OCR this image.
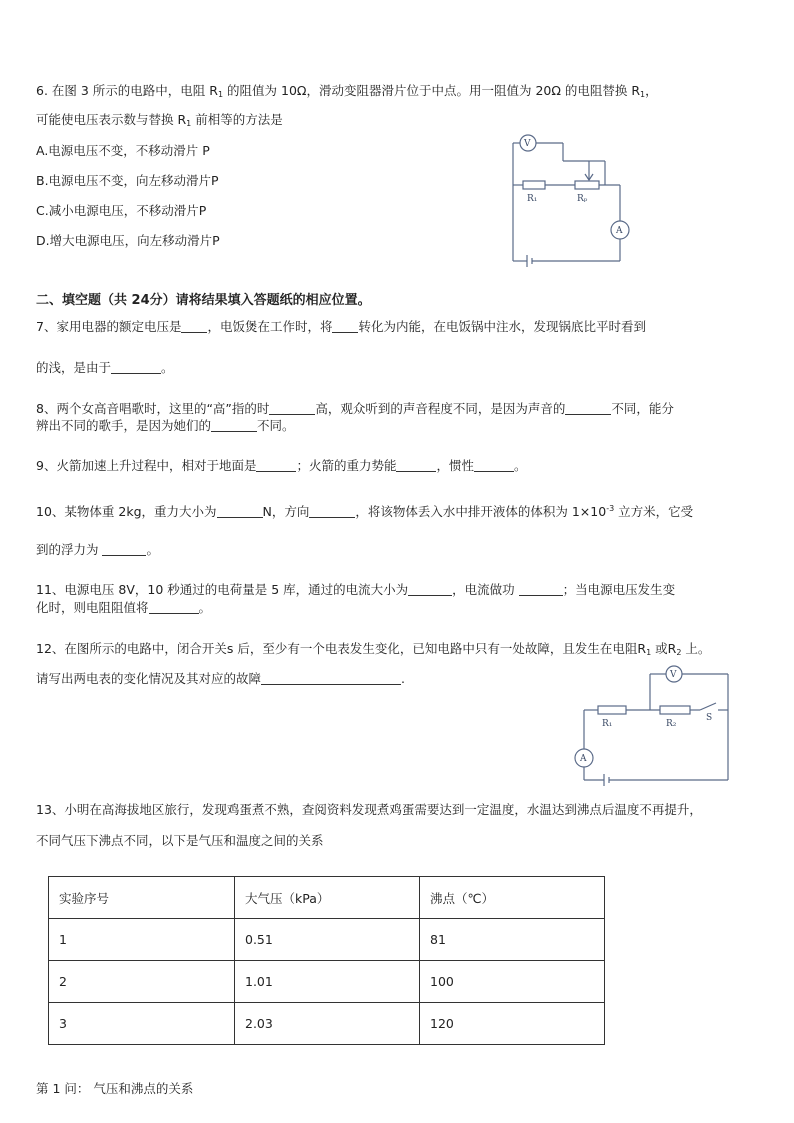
6. 在图 3 所示的电路中，电阻 $R_1$ 的阻值为 10Ω，滑动变阻器滑片位于中点。用一阻值为 20Ω 的电阻替换 $R_1$，
可能使电压表示数与替换 $R_1$ 前相等的方法是
A.电源电压不变，不移动滑片 P
B.电源电压不变，向左移动滑片P
C.减小电源电压，不移动滑片P
D.增大电源电压，向左移动滑片P
V
R₁	Rₚ
A
二、填空题（共 24分）请将结果填入答题纸的相应位置。
7、家用电器的额定电压是 ，电饭煲在工作时，将 转化为内能，在电饭锅中注水，发现锅底比平时看到
的浅，是由于	。
8、两个女高音唱歌时，这里的“高”指的时	高，观众听到的声音程度不同，是因为声音的	不同，能分
辨出不同的歌手，是因为她们的	不同。
9、火箭加速上升过程中，相对于地面是	；火箭的重力势能	，惯性	。
10、某物体重 2kg，重力大小为	N，方向	，将该物体丢入水中排开液体的体积为 $1\times 10^{-3}$ 立方米，它受
到的浮力为	。
11、电源电压 8V，10 秒通过的电荷量是 5 库，通过的电流大小为	，电流做功	；当电源电压发生变
化时，则电阻阻值将	。
12、在图所示的电路中，闭合开关s 后，至少有一个电表发生变化，已知电路中只有一处故障，且发生在电阻$R_1$ 或$R_2$ 上。
请写出两电表的变化情况及其对应的故障	.	V
R₁	R₂
S
A
13、小明在高海拔地区旅行，发现鸡蛋煮不熟，查阅资料发现煮鸡蛋需要达到一定温度，水温达到沸点后温度不再提升，
不同气压下沸点不同，以下是气压和温度之间的关系
实验序号	大气压（kPa）	沸点（℃）
1	0.51	81
2	1.01	100
3	2.03	120
第 1 问： 气压和沸点的关系
